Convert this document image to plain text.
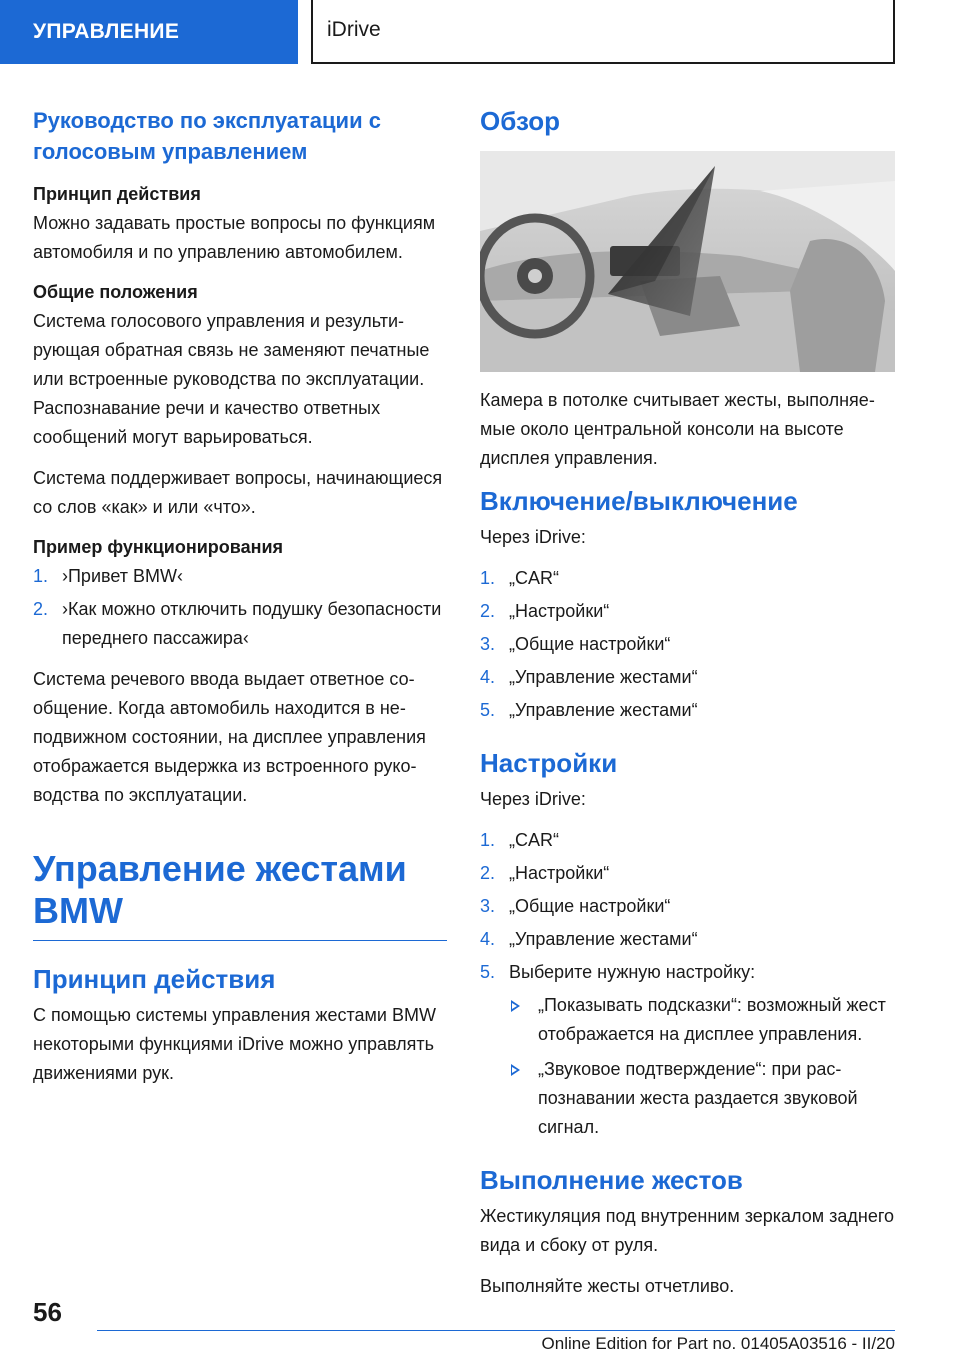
УПРАВЛЕНИЕ	iDrive
Руководство по эксплуатации с голосовым управлением
Принцип действия

Можно задавать простые вопросы по функциям автомобиля и по управлению автомобилем.

Общие положения

Система голосового управления и результирующая обратная связь не заменяют печатные или встроенные руководства по эксплуатации. Распознавание речи и качество ответных сообщений могут варьироваться.

Система поддерживает вопросы, начинающиеся со слов «как» и или «что».

Пример функционирования
1. ›Привет BMW‹
2. ›Как можно отключить подушку безопасности переднего пассажира‹

Система речевого ввода выдает ответное сообщение. Когда автомобиль находится в неподвижном состоянии, на дисплее управления отображается выдержка из встроенного руководства по эксплуатации.

Управление жестами BMW
Принцип действия

С помощью системы управления жестами BMW некоторыми функциями iDrive можно управлять движениями рук.

Обзор

Камера в потолке считывает жесты, выполняемые около центральной консоли на высоте дисплея управления.

Включение/выключение

Через iDrive:

1. „CAR“
2. „Настройки“
3. „Общие настройки“
4. „Управление жестами“
5. „Управление жестами“
Настройки

Через iDrive:

1. „CAR“
2. „Настройки“
3. „Общие настройки“
4. „Управление жестами“
5. Выберите нужную настройку:
„Показывать подсказки“: возможный жест отображается на дисплее управления.
„Звуковое подтверждение“: при распознавании жеста раздается звуковой сигнал.
Выполнение жестов

Жестикуляция под внутренним зеркалом заднего вида и сбоку от руля.

Выполняйте жесты отчетливо.

56
Online Edition for Part no. 01405A03516 - II/20
